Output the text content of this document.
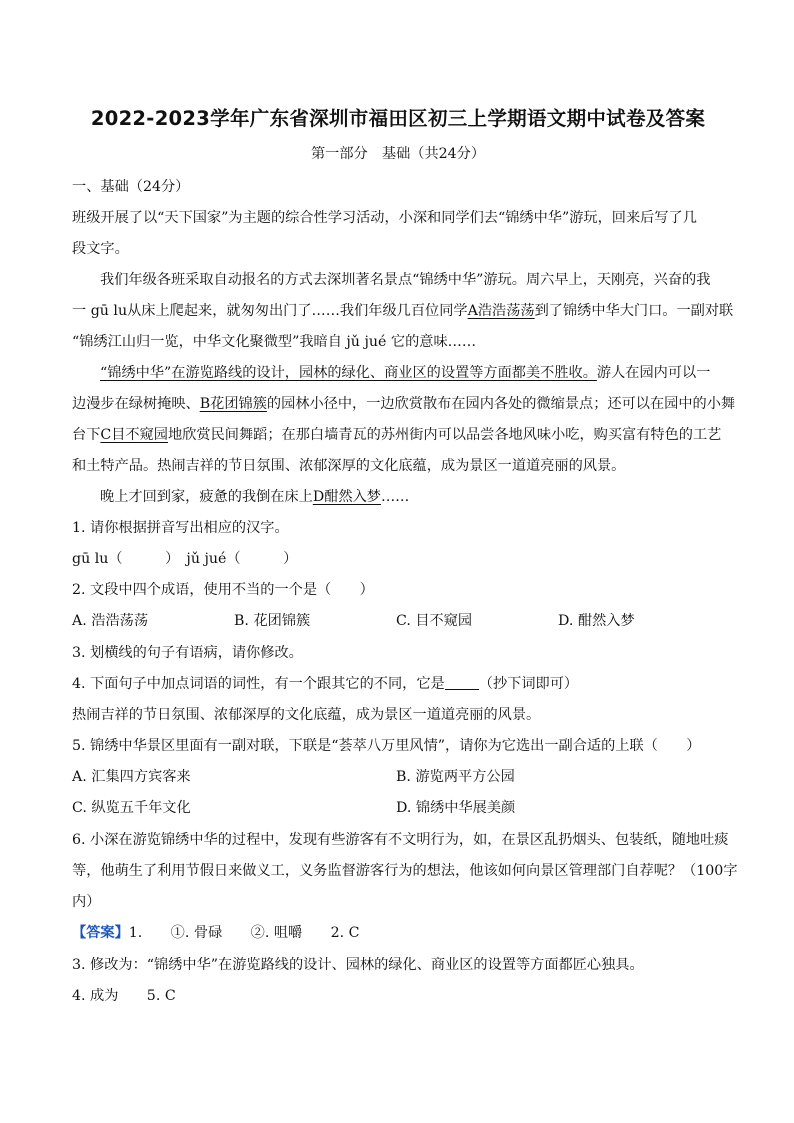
2022-2023学年广东省深圳市福田区初三上学期语文期中试卷及答案
第一部分　基础（共24分）
一、基础（24分）
班级开展了以“天下国家”为主题的综合性学习活动，小深和同学们去“锦绣中华”游玩，回来后写了几
段文字。
我们年级各班采取自动报名的方式去深圳著名景点“锦绣中华”游玩。周六早上，天刚亮，兴奋的我
一 gū lu从床上爬起来，就匆匆出门了……我们年级几百位同学A浩浩荡荡到了锦绣中华大门口。一副对联
“锦绣江山归一览，中华文化聚微型”我暗自 jǔ jué 它的意味……
“锦绣中华”在游览路线的设计，园林的绿化、商业区的设置等方面都美不胜收。游人在园内可以一
边漫步在绿树掩映、B花团锦簇的园林小径中，一边欣赏散布在园内各处的微缩景点；还可以在园中的小舞
台下C目不窥园地欣赏民间舞蹈；在那白墙青瓦的苏州街内可以品尝各地风味小吃，购买富有特色的工艺
和土特产品。热闹吉祥的节日氛围、浓郁深厚的文化底蕴，成为景区一道道亮丽的风景。
晚上才回到家，疲惫的我倒在床上D酣然入梦……
1. 请你根据拼音写出相应的汉字。
gū lu（　　　）　jǔ jué（　　　）
2. 文段中四个成语，使用不当的一个是（　　）
A. 浩浩荡荡	B. 花团锦簇	C. 目不窥园	D. 酣然入梦
3. 划横线的句子有语病，请你修改。
4. 下面句子中加点词语的词性，有一个跟其它的不同，它是 （抄下词即可）
热闹吉祥的节日氛围、浓郁深厚的文化底蕴，成为景区一道道亮丽的风景。
5. 锦绣中华景区里面有一副对联，下联是“荟萃八万里风情”，请你为它选出一副合适的上联（　　）
A. 汇集四方宾客来	B. 游览两平方公园
C. 纵览五千年文化	D. 锦绣中华展美颜
6. 小深在游览锦绣中华的过程中，发现有些游客有不文明行为，如，在景区乱扔烟头、包装纸，随地吐痰
等，他萌生了利用节假日来做义工，义务监督游客行为的想法，他该如何向景区管理部门自荐呢？（100字
内）
【答案】1.　　①. 骨碌　　②. 咀嚼　　2. C
3. 修改为：“锦绣中华”在游览路线的设计、园林的绿化、商业区的设置等方面都匠心独具。
4. 成为　　5. C
